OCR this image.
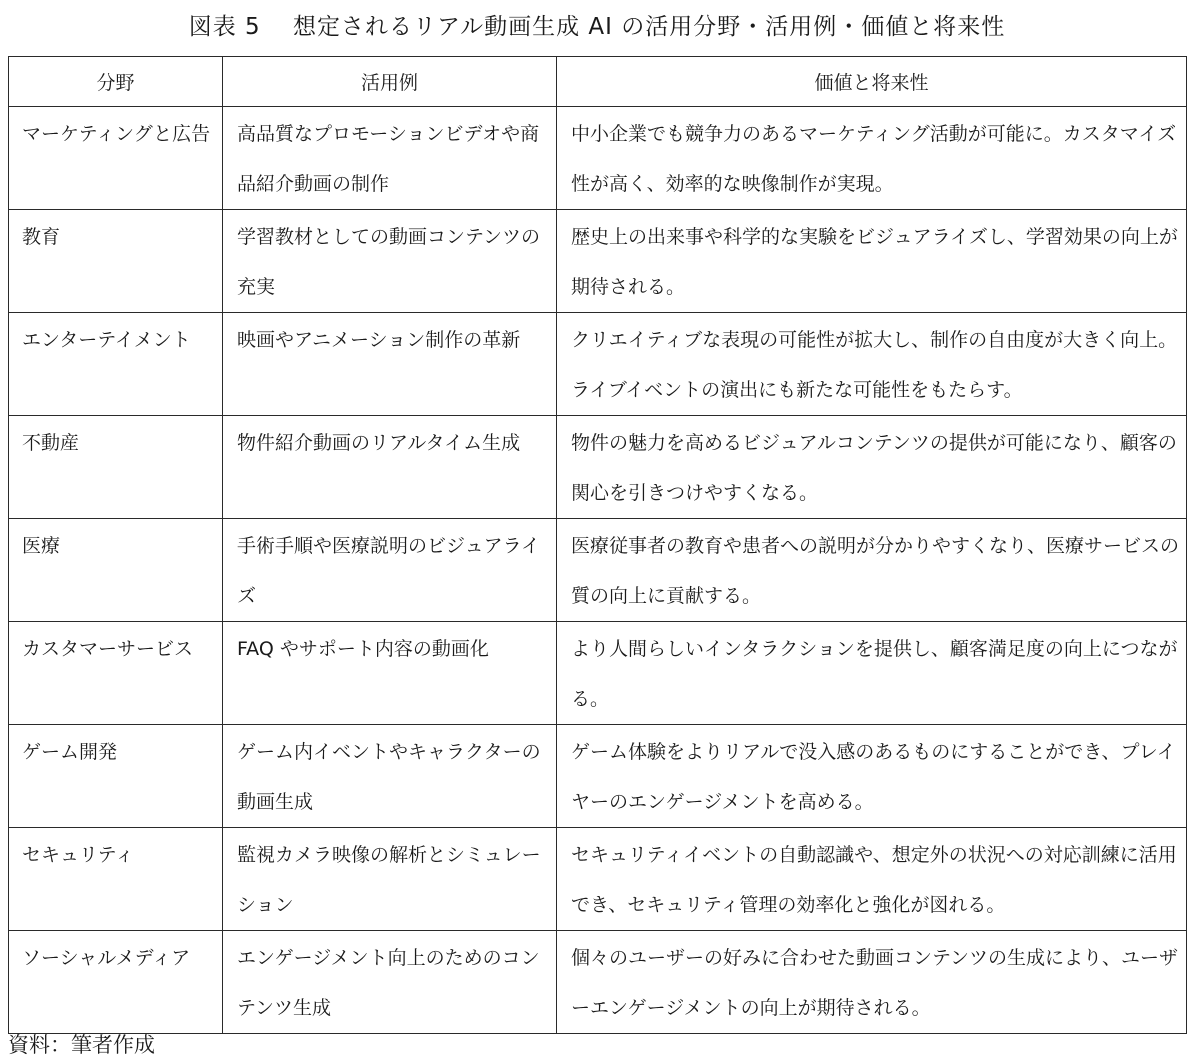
図表 5　 想定されるリアル動画生成 AI の活用分野・活用例・価値と将来性
分野	活用例	価値と将来性
マーケティングと広告	高品質なプロモーションビデオや商品紹介動画の制作	中小企業でも競争力のあるマーケティング活動が可能に。カスタマイズ性が高く、効率的な映像制作が実現。
教育	学習教材としての動画コンテンツの充実	歴史上の出来事や科学的な実験をビジュアライズし、学習効果の向上が期待される。
エンターテイメント	映画やアニメーション制作の革新	クリエイティブな表現の可能性が拡大し、制作の自由度が大きく向上。ライブイベントの演出にも新たな可能性をもたらす。
不動産	物件紹介動画のリアルタイム生成	物件の魅力を高めるビジュアルコンテンツの提供が可能になり、顧客の関心を引きつけやすくなる。
医療	手術手順や医療説明のビジュアライズ	医療従事者の教育や患者への説明が分かりやすくなり、医療サービスの質の向上に貢献する。
カスタマーサービス	FAQ やサポート内容の動画化	より人間らしいインタラクションを提供し、顧客満足度の向上につながる。
ゲーム開発	ゲーム内イベントやキャラクターの動画生成	ゲーム体験をよりリアルで没入感のあるものにすることができ、プレイヤーのエンゲージメントを高める。
セキュリティ	監視カメラ映像の解析とシミュレーション	セキュリティイベントの自動認識や、想定外の状況への対応訓練に活用でき、セキュリティ管理の効率化と強化が図れる。
ソーシャルメディア	エンゲージメント向上のためのコンテンツ生成	個々のユーザーの好みに合わせた動画コンテンツの生成により、ユーザーエンゲージメントの向上が期待される。
資料：筆者作成
